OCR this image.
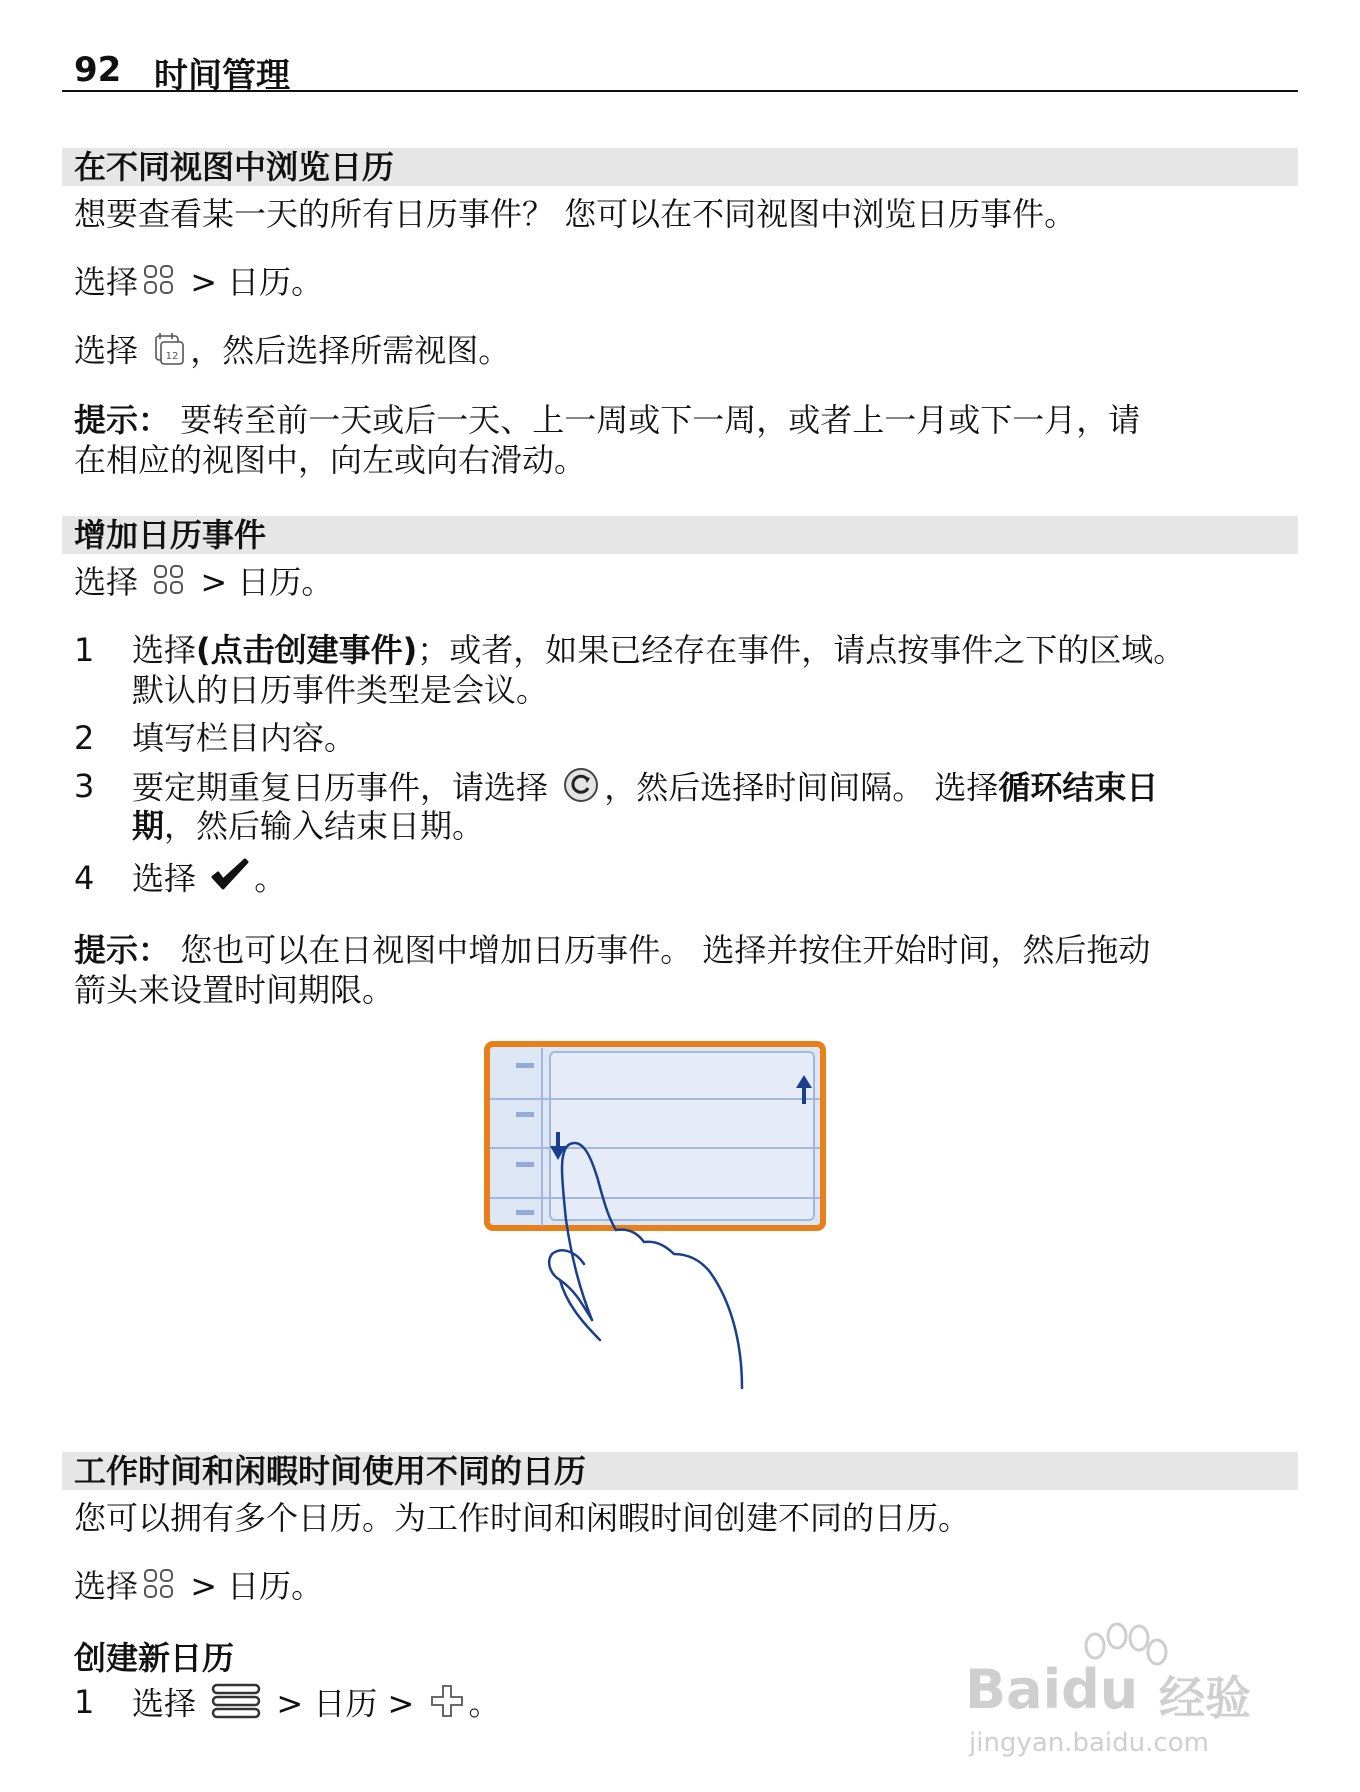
92 时间管理
在不同视图中浏览日历
想要查看某一天的所有日历事件？ 您可以在不同视图中浏览日历事件。
选择 > 日历。
选择 12 ，然后选择所需视图。
提示： 要转至前一天或后一天、上一周或下一周，或者上一月或下一月，请
在相应的视图中，向左或向右滑动。
增加日历事件
选择  > 日历。
1 选择(点击创建事件)；或者，如果已经存在事件，请点按事件之下的区域。
默认的日历事件类型是会议。
2 填写栏目内容。
3 要定期重复日历事件，请选择 ，然后选择时间间隔。 选择循环结束日
期，然后输入结束日期。
4 选择 。
提示： 您也可以在日视图中增加日历事件。 选择并按住开始时间，然后拖动
箭头来设置时间期限。
工作时间和闲暇时间使用不同的日历
您可以拥有多个日历。为工作时间和闲暇时间创建不同的日历。
选择 > 日历。
创建新日历
1 选择  > 日历 > 。	Baidu 经验
jingyan.baidu.com
